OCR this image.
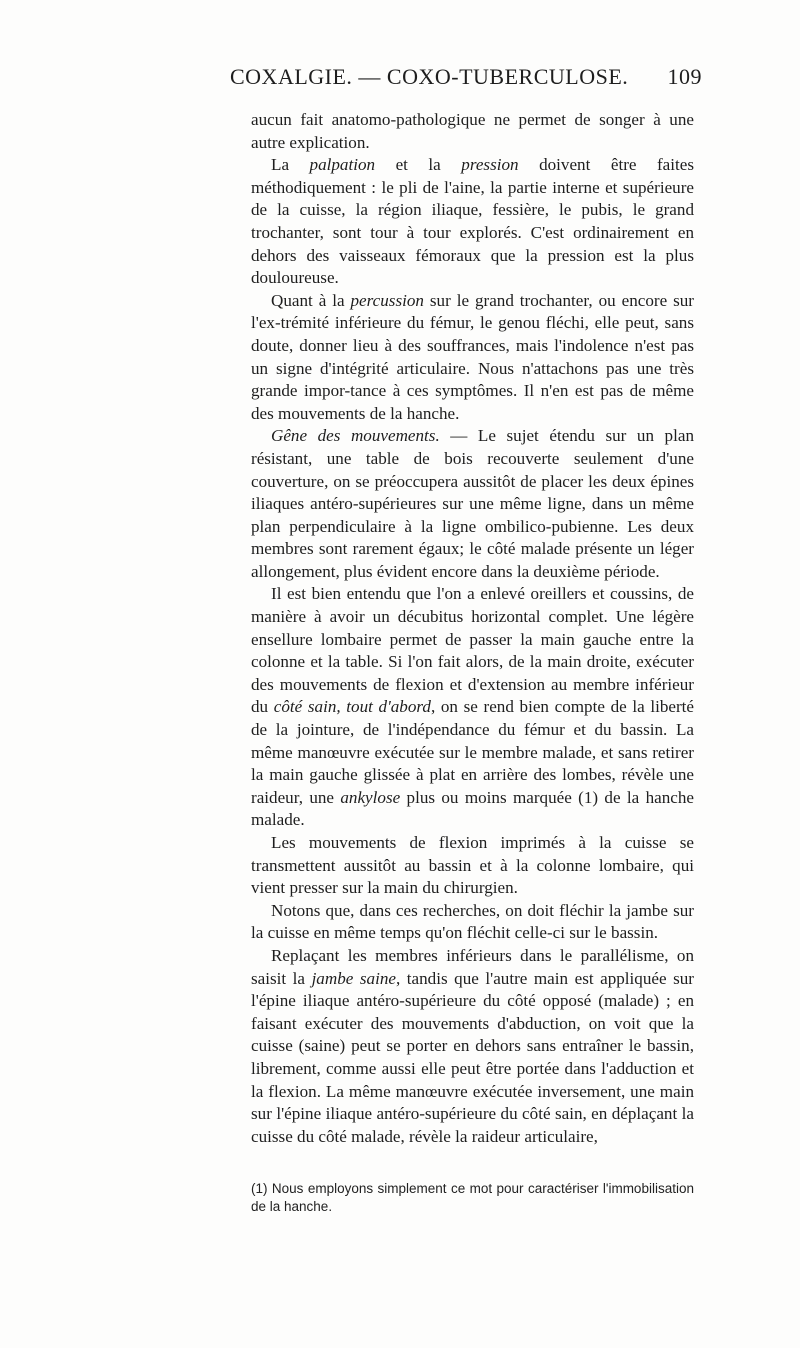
COXALGIE. — COXO-TUBERCULOSE. 109

aucun fait anatomo-pathologique ne permet de songer à une autre explication.

La palpation et la pression doivent être faites méthodiquement : le pli de l'aine, la partie interne et supérieure de la cuisse, la région iliaque, fessière, le pubis, le grand trochanter, sont tour à tour explorés. C'est ordinairement en dehors des vaisseaux fémoraux que la pression est la plus douloureuse.

Quant à la percussion sur le grand trochanter, ou encore sur l'ex-trémité inférieure du fémur, le genou fléchi, elle peut, sans doute, donner lieu à des souffrances, mais l'indolence n'est pas un signe d'intégrité articulaire. Nous n'attachons pas une très grande impor-tance à ces symptômes. Il n'en est pas de même des mouvements de la hanche.

Gêne des mouvements. — Le sujet étendu sur un plan résistant, une table de bois recouverte seulement d'une couverture, on se préoccupera aussitôt de placer les deux épines iliaques antéro-supérieures sur une même ligne, dans un même plan perpendiculaire à la ligne ombilico-pubienne. Les deux membres sont rarement égaux; le côté malade présente un léger allongement, plus évident encore dans la deuxième période.

Il est bien entendu que l'on a enlevé oreillers et coussins, de manière à avoir un décubitus horizontal complet. Une légère ensellure lombaire permet de passer la main gauche entre la colonne et la table. Si l'on fait alors, de la main droite, exécuter des mouvements de flexion et d'extension au membre inférieur du côté sain, tout d'abord, on se rend bien compte de la liberté de la jointure, de l'indépendance du fémur et du bassin. La même manœuvre exécutée sur le membre malade, et sans retirer la main gauche glissée à plat en arrière des lombes, révèle une raideur, une ankylose plus ou moins marquée (1) de la hanche malade.

Les mouvements de flexion imprimés à la cuisse se transmettent aussitôt au bassin et à la colonne lombaire, qui vient presser sur la main du chirurgien.

Notons que, dans ces recherches, on doit fléchir la jambe sur la cuisse en même temps qu'on fléchit celle-ci sur le bassin.

Replaçant les membres inférieurs dans le parallélisme, on saisit la jambe saine, tandis que l'autre main est appliquée sur l'épine iliaque antéro-supérieure du côté opposé (malade) ; en faisant exécuter des mouvements d'abduction, on voit que la cuisse (saine) peut se porter en dehors sans entraîner le bassin, librement, comme aussi elle peut être portée dans l'adduction et la flexion. La même manœuvre exécutée inversement, une main sur l'épine iliaque antéro-supérieure du côté sain, en déplaçant la cuisse du côté malade, révèle la raideur articulaire,

(1) Nous employons simplement ce mot pour caractériser l'immobilisation de la hanche.
